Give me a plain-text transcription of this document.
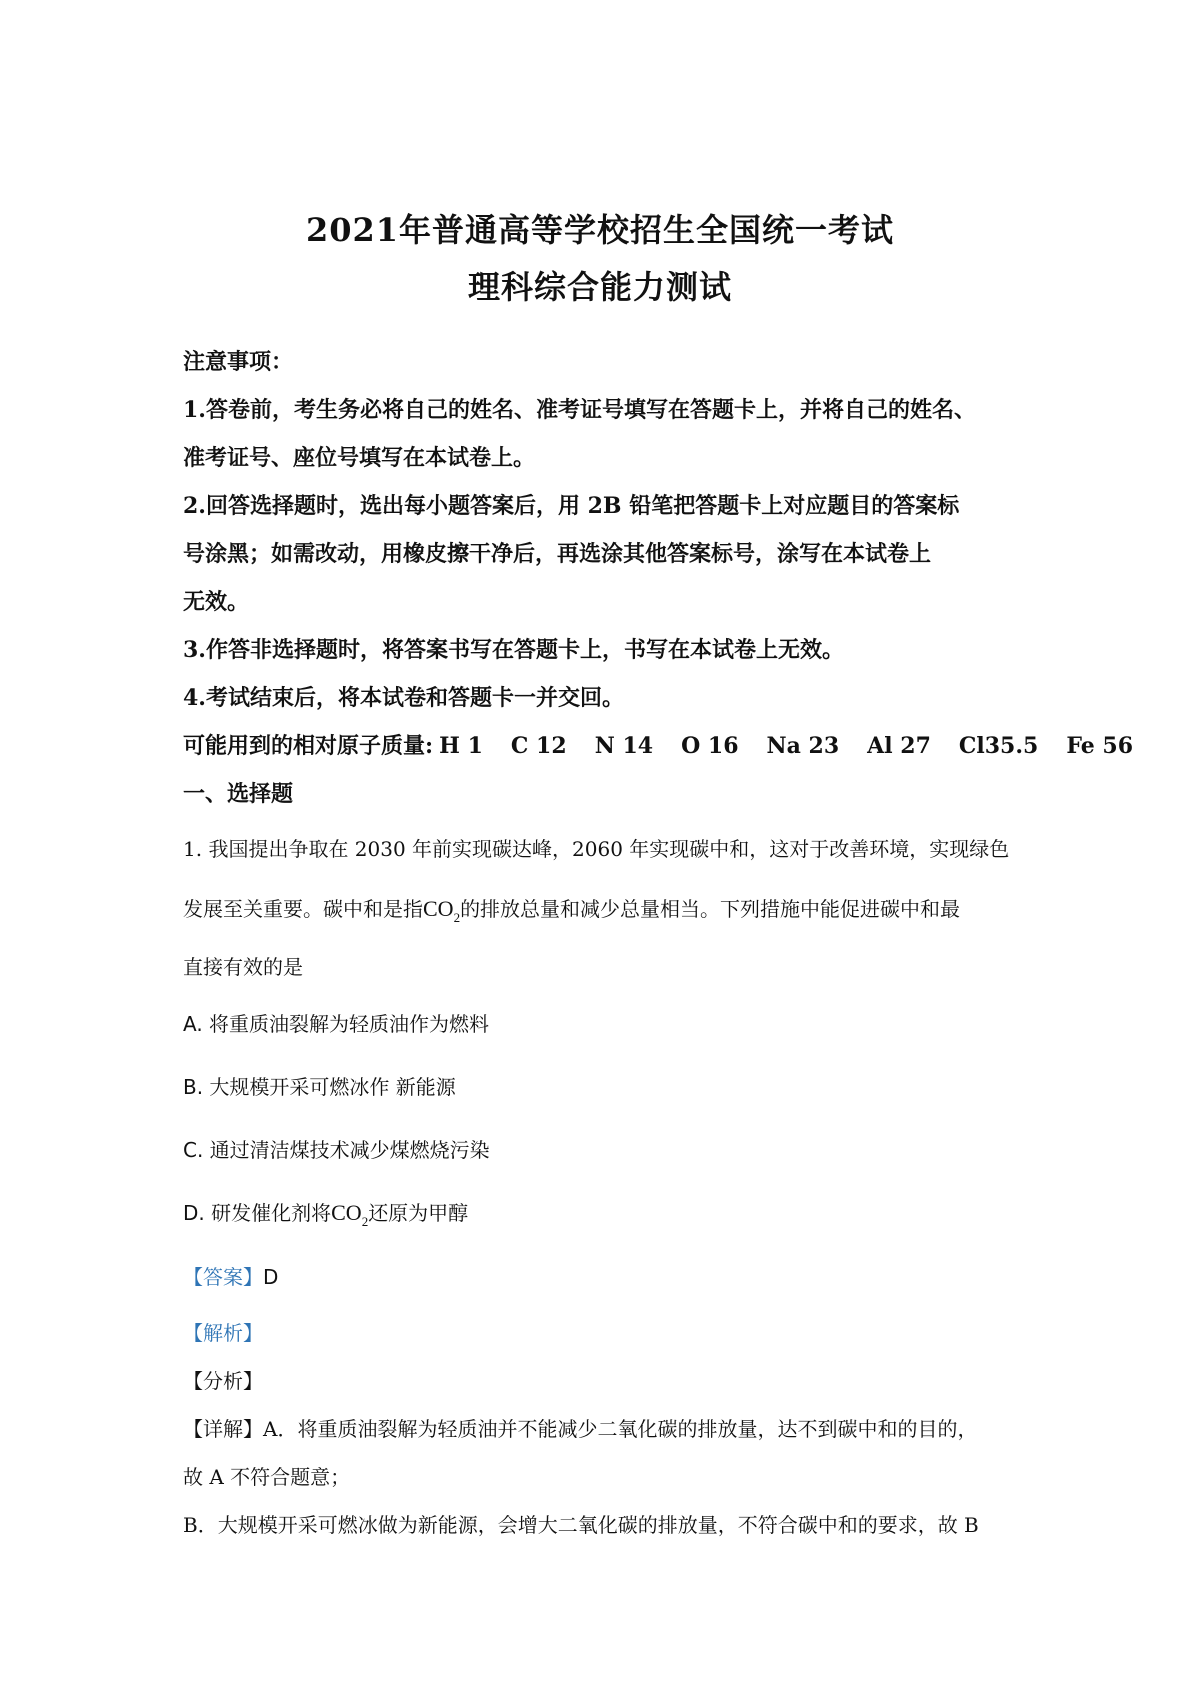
2021年普通高等学校招生全国统一考试
理科综合能力测试
注意事项：
1.答卷前，考生务必将自己的姓名、准考证号填写在答题卡上，并将自己的姓名、
准考证号、座位号填写在本试卷上。
2.回答选择题时，选出每小题答案后，用 2B 铅笔把答题卡上对应题目的答案标
号涂黑；如需改动，用橡皮擦干净后，再选涂其他答案标号，涂写在本试卷上
无效。
3.作答非选择题时，将答案书写在答题卡上，书写在本试卷上无效。
4.考试结束后，将本试卷和答题卡一并交回。
可能用到的相对原子质量: H 1 C 12 N 14 O 16 Na 23 Al 27 Cl35.5 Fe 56
一、选择题
1. 我国提出争取在 2030 年前实现碳达峰，2060 年实现碳中和，这对于改善环境，实现绿色
发展至关重要。碳中和是指$CO_2$的排放总量和减少总量相当。下列措施中能促进碳中和最
直接有效的是
A. 将重质油裂解为轻质油作为燃料
B. 大规模开采可燃冰作 新能源
C. 通过清洁煤技术减少煤燃烧污染
D. 研发催化剂将$CO_2$还原为甲醇
【答案】D
【解析】
【分析】
【详解】A．将重质油裂解为轻质油并不能减少二氧化碳的排放量，达不到碳中和的目的，
故 A 不符合题意；
B．大规模开采可燃冰做为新能源，会增大二氧化碳的排放量，不符合碳中和的要求，故 B
